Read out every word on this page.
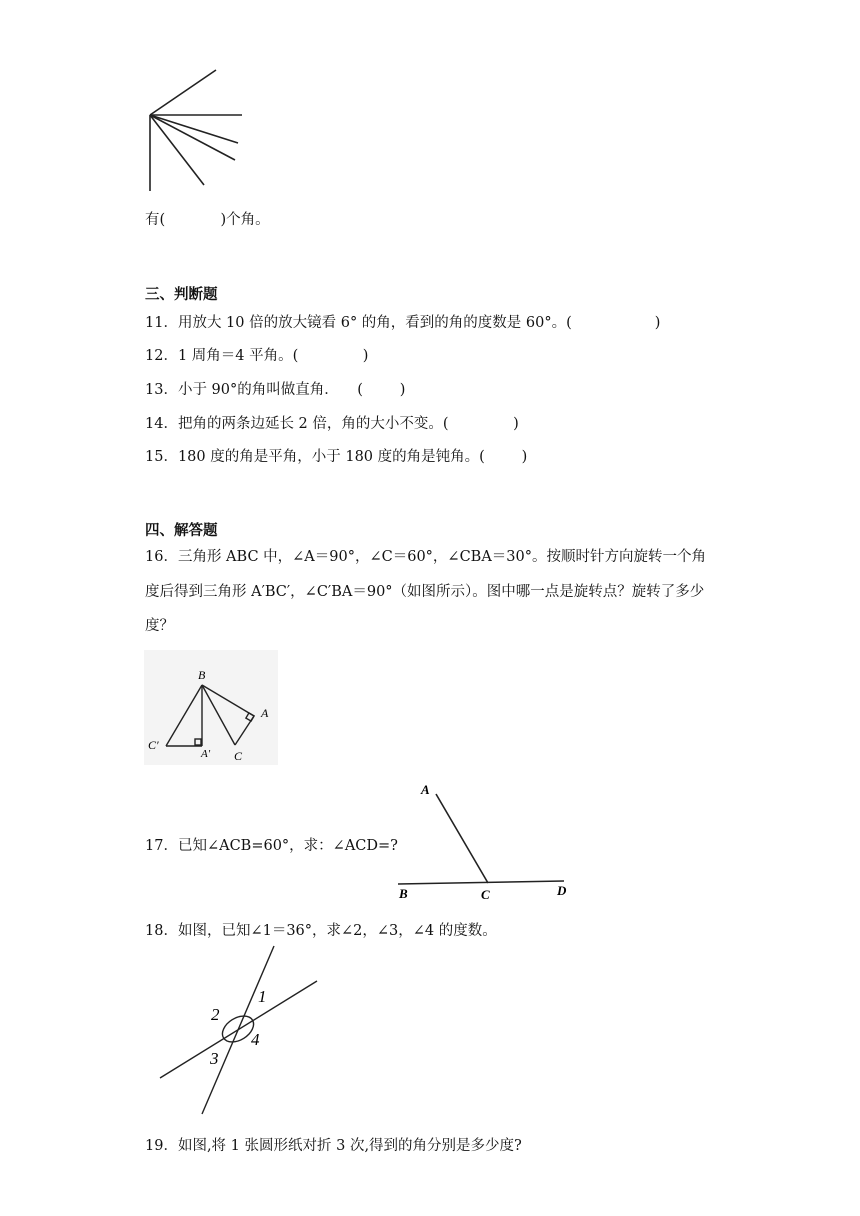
有(            )个角。
三、判断题
11．用放大 10 倍的放大镜看 6° 的角，看到的角的度数是 60°。(                  )
12．1 周角＝4 平角。(              )
13．小于 90°的角叫做直角．    (        )
14．把角的两条边延长 2 倍，角的大小不变。(              )
15．180 度的角是平角，小于 180 度的角是钝角。(        )
四、解答题
16．三角形 ABC 中，∠A＝90°，∠C＝60°，∠CBA＝30°。按顺时针方向旋转一个角
度后得到三角形 A′BC′，∠C′BA＝90°（如图所示）。图中哪一点是旋转点？旋转了多少
度？
B
A
C′
A′ C
17．已知∠ACB=60°，求：∠ACD=?
A
B	C	D
18．如图，已知∠1＝36°，求∠2，∠3，∠4 的度数。
1
2
3
4
19．如图,将 1 张圆形纸对折 3 次,得到的角分别是多少度?
